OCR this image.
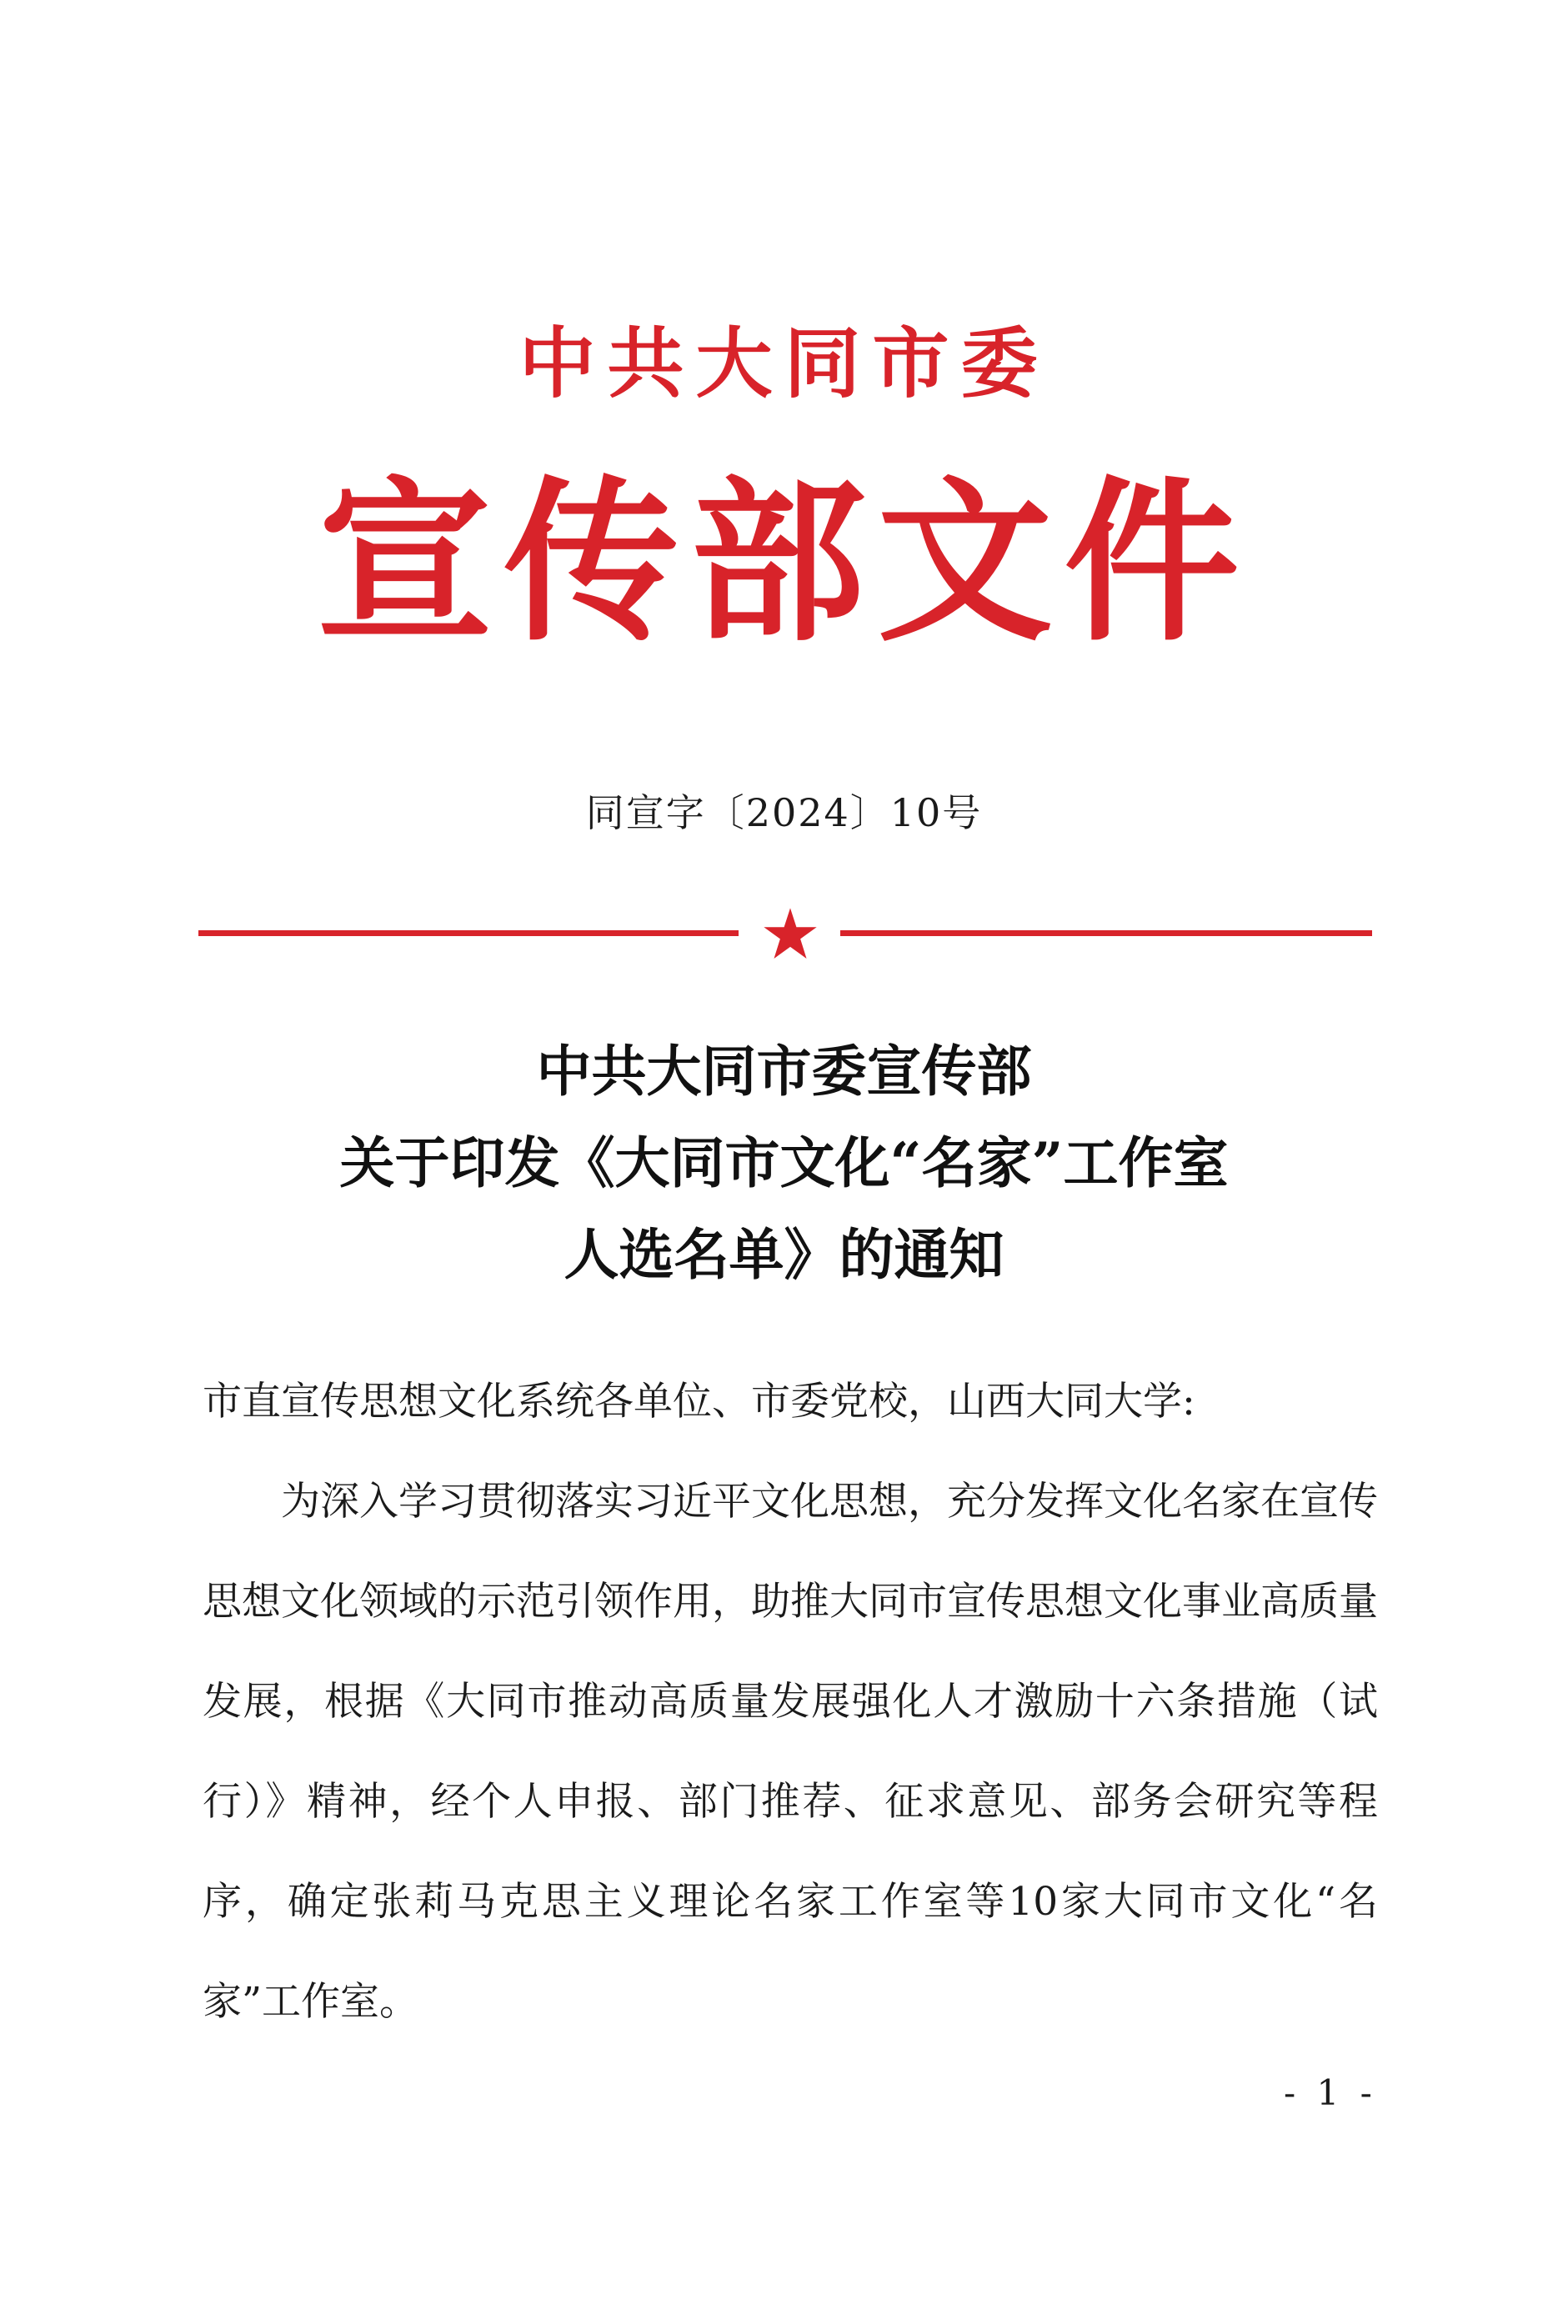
中共大同市委
宣传部文件
同宣字〔2024〕10号
中共大同市委宣传部
关于印发《大同市文化“名家”工作室
人选名单》的通知

市直宣传思想文化系统各单位、市委党校，山西大同大学:

为深入学习贯彻落实习近平文化思想，充分发挥文化名家在宣传思想文化领域的示范引领作用，助推大同市宣传思想文化事业高质量发展，根据《大同市推动高质量发展强化人才激励十六条措施（试行）》精神，经个人申报、部门推荐、征求意见、部务会研究等程序，确定张莉马克思主义理论名家工作室等10家大同市文化“名家”工作室。

- 1 -
